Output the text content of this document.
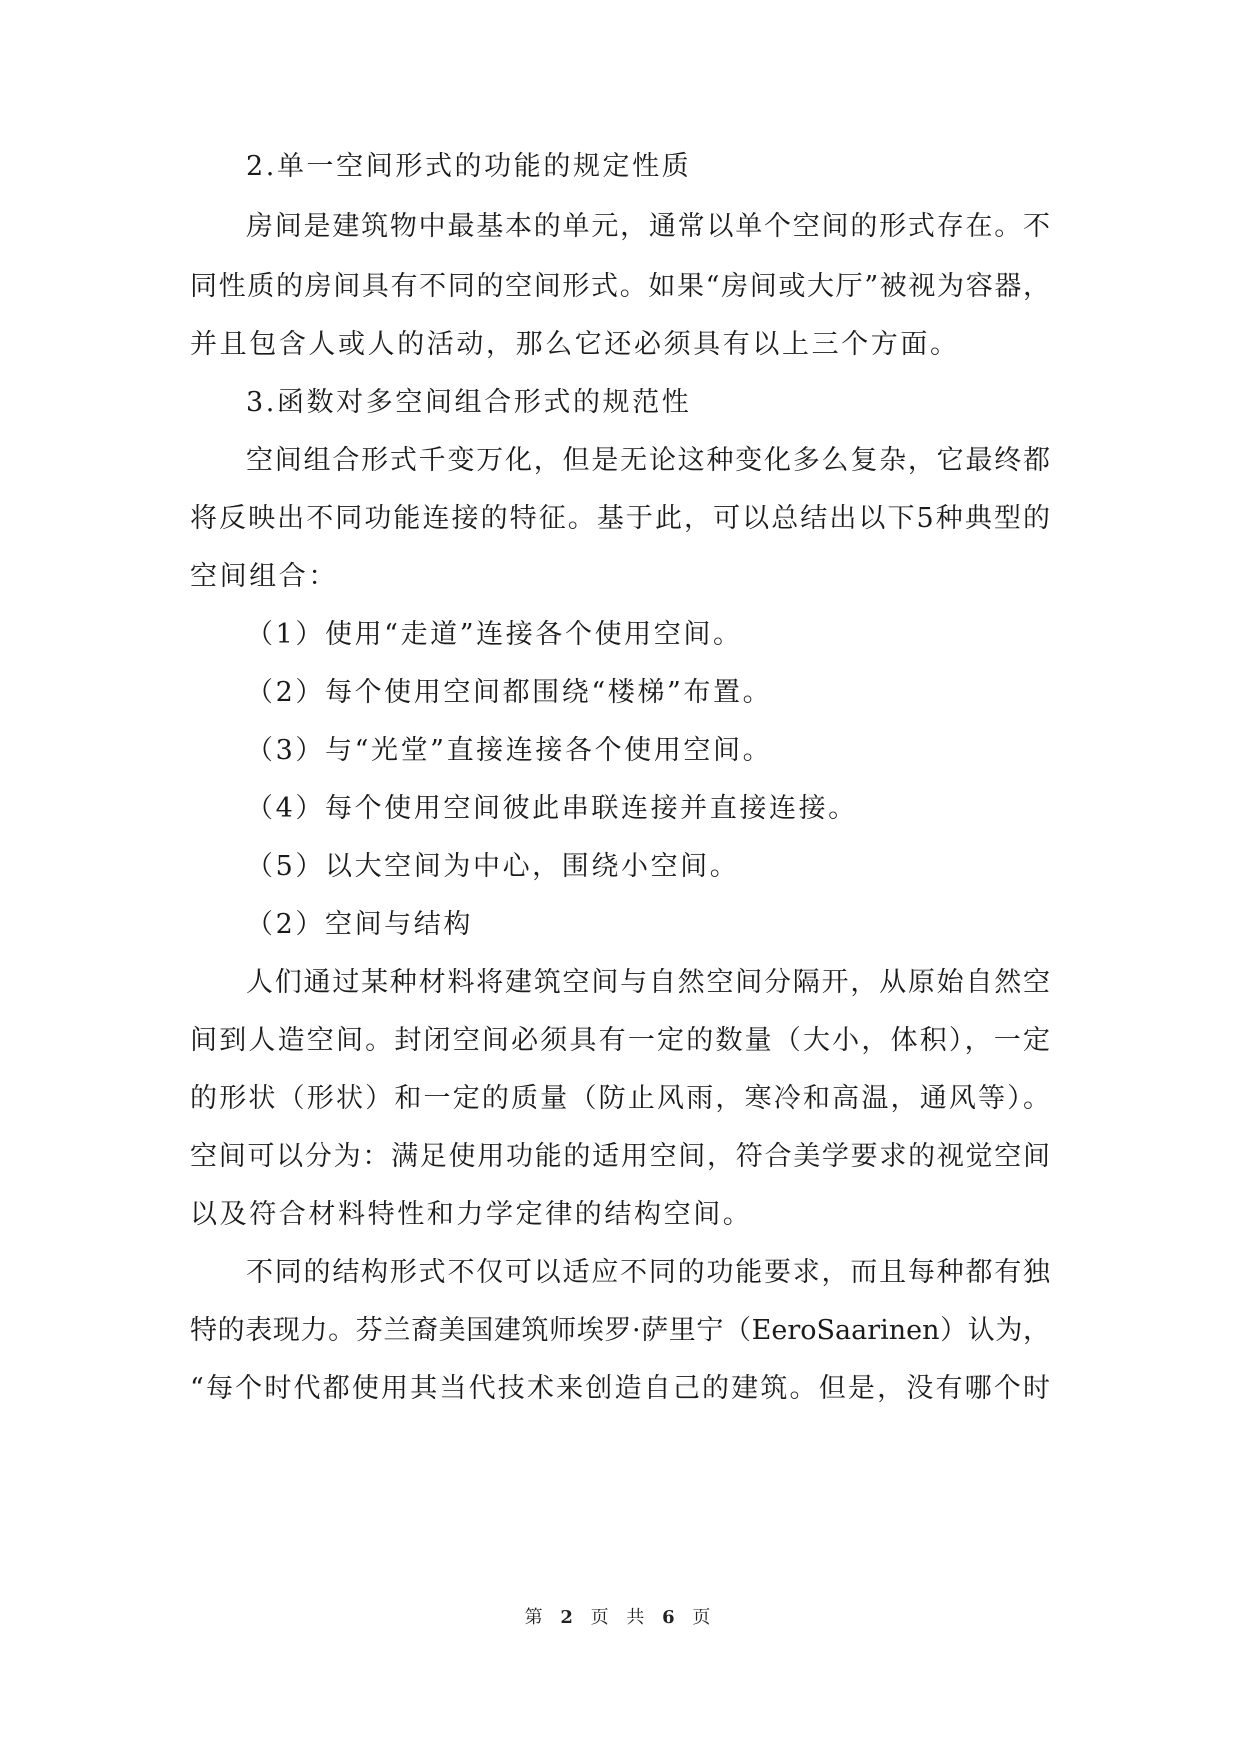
2.单一空间形式的功能的规定性质
房间是建筑物中最基本的单元，通常以单个空间的形式存在。不
同性质的房间具有不同的空间形式。如果“房间或大厅”被视为容器，
并且包含人或人的活动，那么它还必须具有以上三个方面。
3.函数对多空间组合形式的规范性
空间组合形式千变万化，但是无论这种变化多么复杂，它最终都
将反映出不同功能连接的特征。基于此，可以总结出以下5种典型的
空间组合：
（1）使用“走道”连接各个使用空间。
（2）每个使用空间都围绕“楼梯”布置。
（3）与“光堂”直接连接各个使用空间。
（4）每个使用空间彼此串联连接并直接连接。
（5）以大空间为中心，围绕小空间。
（2）空间与结构
人们通过某种材料将建筑空间与自然空间分隔开，从原始自然空
间到人造空间。封闭空间必须具有一定的数量（大小，体积），一定
的形状（形状）和一定的质量（防止风雨，寒冷和高温，通风等）。
空间可以分为：满足使用功能的适用空间，符合美学要求的视觉空间
以及符合材料特性和力学定律的结构空间。
不同的结构形式不仅可以适应不同的功能要求，而且每种都有独
特的表现力。芬兰裔美国建筑师埃罗·萨里宁（EeroSaarinen）认为，
“每个时代都使用其当代技术来创造自己的建筑。但是，没有哪个时
第 2 页 共 6 页
